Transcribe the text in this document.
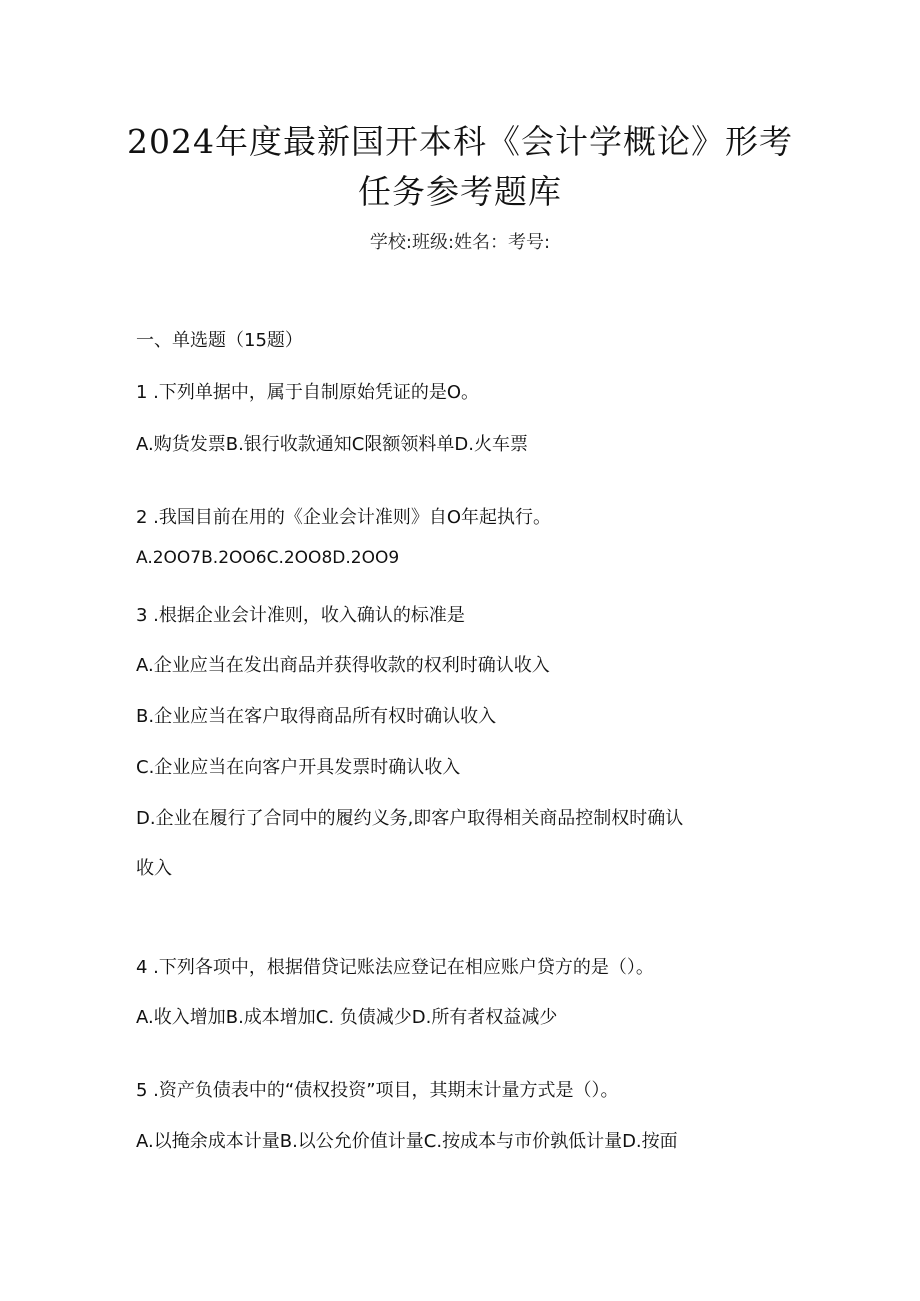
2024年度最新国开本科《会计学概论》形考
任务参考题库
学校:班级:姓名：考号:
一、单选题（15题）
1 .下列单据中，属于自制原始凭证的是O。
A.购货发票B.银行收款通知C限额领料单D.火车票
2 .我国目前在用的《企业会计准则》自O年起执行。
A.2OO7B.2OO6C.2OO8D.2OO9
3 .根据企业会计准则，收入确认的标准是
A.企业应当在发出商品并获得收款的权利时确认收入
B.企业应当在客户取得商品所有权时确认收入
C.企业应当在向客户开具发票时确认收入
D.企业在履行了合同中的履约义务,即客户取得相关商品控制权时确认
收入
4 .下列各项中，根据借贷记账法应登记在相应账户贷方的是（）。
A.收入增加B.成本增加C. 负债减少D.所有者权益减少
5 .资产负债表中的“债权投资”项目，其期末计量方式是（）。
A.以掩余成本计量B.以公允价值计量C.按成本与市价孰低计量D.按面
